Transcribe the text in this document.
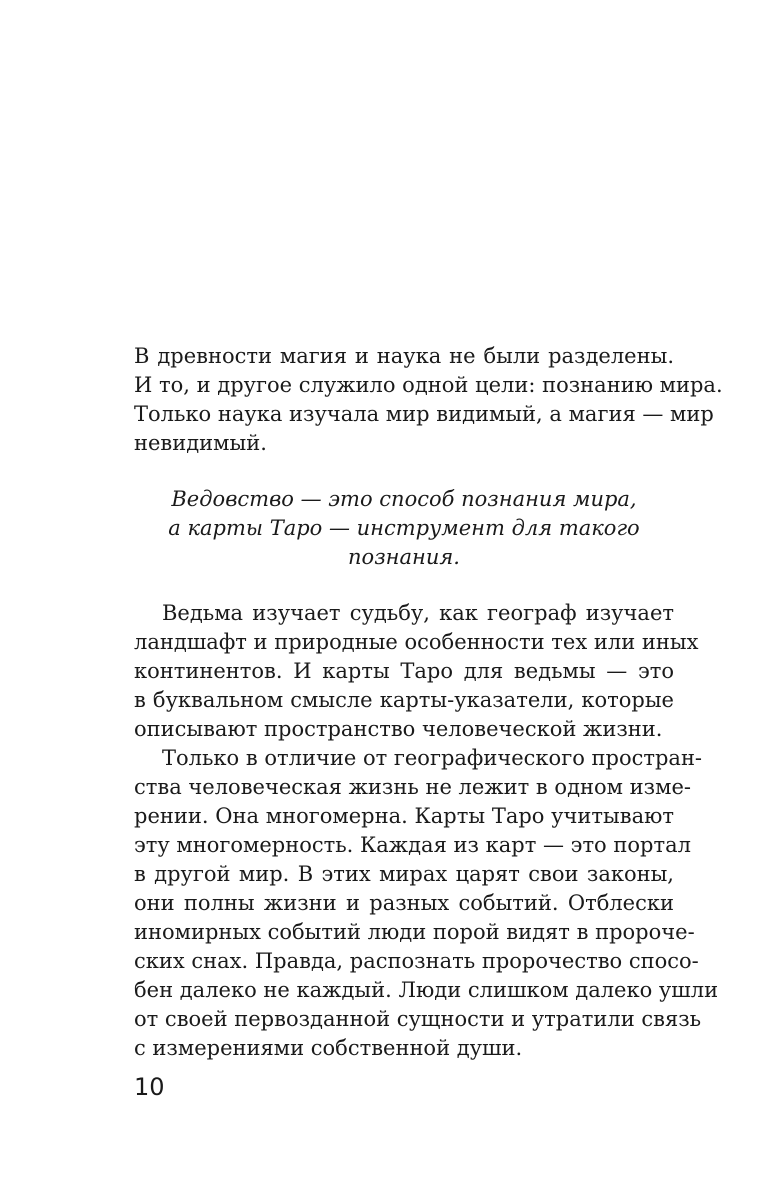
В древности магия и наука не были разделены.
И то, и другое служило одной цели: познанию мира.
Только наука изучала мир видимый, а магия — мир
невидимый.
Ведовство — это способ познания мира,
а карты Таро — инструмент для такого
познания.
Ведьма изучает судьбу, как географ изучает
ландшафт и природные особенности тех или иных
континентов. И карты Таро для ведьмы — это
в буквальном смысле карты-указатели, которые
описывают пространство человеческой жизни.
Только в отличие от географического простран-
ства человеческая жизнь не лежит в одном изме-
рении. Она многомерна. Карты Таро учитывают
эту многомерность. Каждая из карт — это портал
в другой мир. В этих мирах царят свои законы,
они полны жизни и разных событий. Отблески
иномирных событий люди порой видят в пророче-
ских снах. Правда, распознать пророчество спосо-
бен далеко не каждый. Люди слишком далеко ушли
от своей первозданной сущности и утратили связь
с измерениями собственной души.
10
